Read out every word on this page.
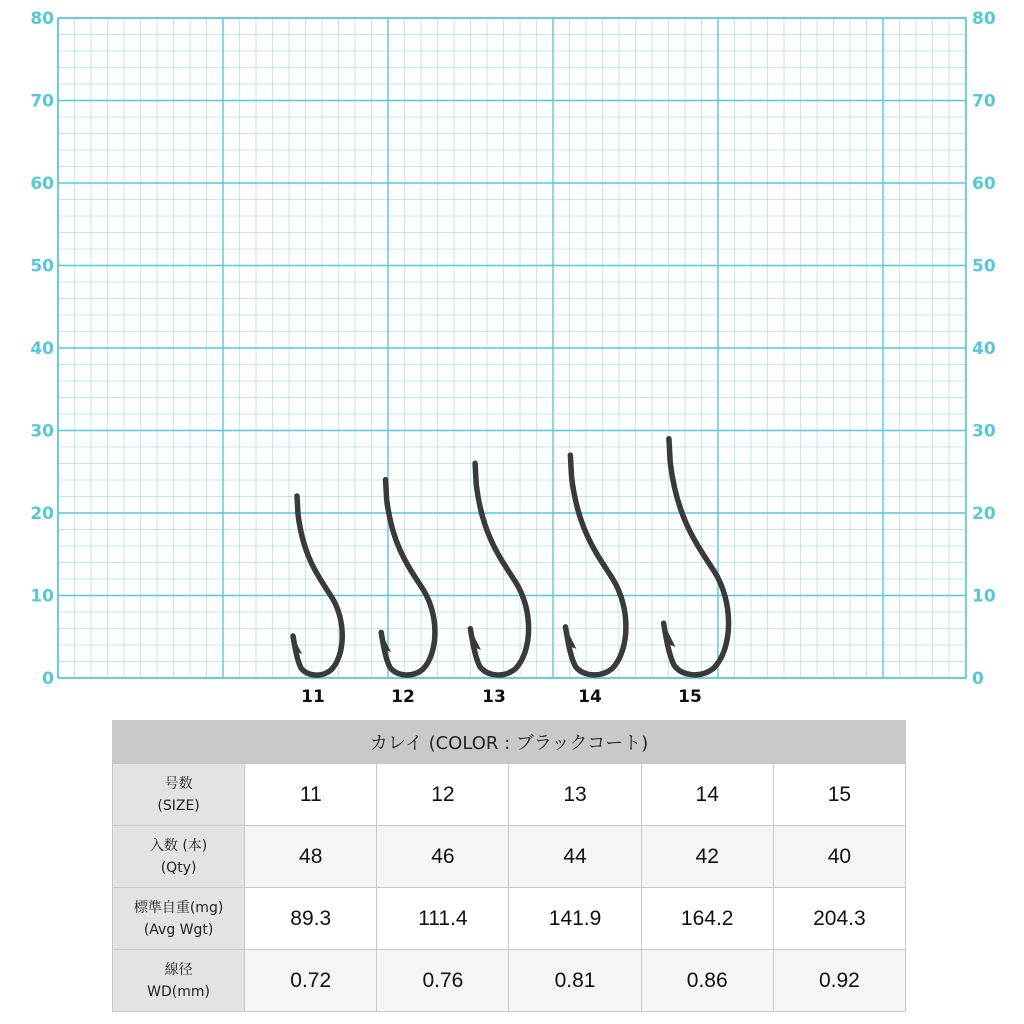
0	0
10	10
20	20
30	30
40	40
50	50
60	60
70	70
80	80
11	12	13	14	15
カレイ (COLOR : ブラックコート)					

号数
(SIZE)	11	12	13	14	15

入数 (本)
(Qty)	48	46	44	42	40

標準自重(mg)
(Avg Wgt)	89.3	111.4	141.9	164.2	204.3

線径
WD(mm)	0.72	0.76	0.81	0.86	0.92
